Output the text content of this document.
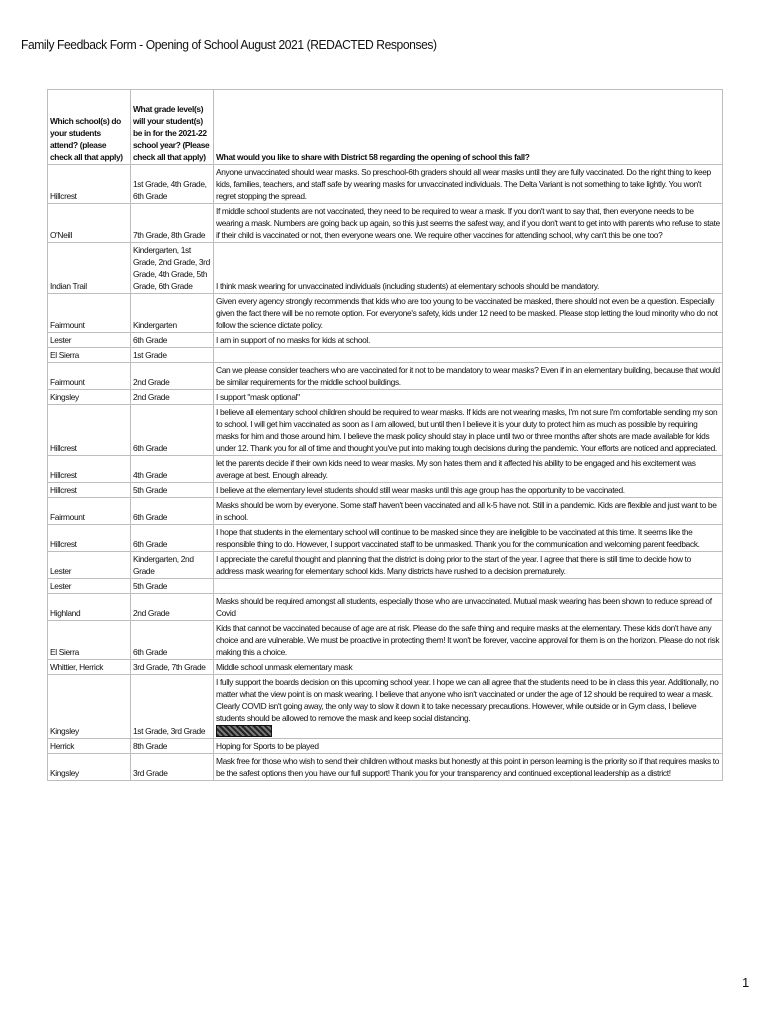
Family Feedback Form - Opening of School August 2021 (REDACTED Responses)
Which school(s) do your students attend? (please check all that apply)	What grade level(s) will your student(s) be in for the 2021-22 school year? (Please check all that apply)	What would you like to share with District 58 regarding the opening of school this fall?
Hillcrest	1st Grade, 4th Grade, 6th Grade	Anyone unvaccinated should wear masks. So preschool-6th graders should all wear masks until they are fully vaccinated. Do the right thing to keep kids, families, teachers, and staff safe by wearing masks for unvaccinated individuals. The Delta Variant is not something to take lightly. You won't regret stopping the spread.
O'Neill	7th Grade, 8th Grade	If middle school students are not vaccinated, they need to be required to wear a mask. If you don't want to say that, then everyone needs to be wearing a mask. Numbers are going back up again, so this just seems the safest way, and if you don't want to get into with parents who refuse to state if their child is vaccinated or not, then everyone wears one. We require other vaccines for attending school, why can't this be one too?
Indian Trail	Kindergarten, 1st Grade, 2nd Grade, 3rd Grade, 4th Grade, 5th Grade, 6th Grade	I think mask wearing for unvaccinated individuals (including students) at elementary schools should be mandatory.
Fairmount	Kindergarten	Given every agency strongly recommends that kids who are too young to be vaccinated be masked, there should not even be a question. Especially given the fact there will be no remote option. For everyone's safety, kids under 12 need to be masked. Please stop letting the loud minority who do not follow the science dictate policy.
Lester	6th Grade	I am in support of no masks for kids at school.
El Sierra	1st Grade	
Fairmount	2nd Grade	Can we please consider teachers who are vaccinated for it not to be mandatory to wear masks? Even if in an elementary building, because that would be similar requirements for the middle school buildings.
Kingsley	2nd Grade	I support "mask optional"
Hillcrest	6th Grade	I believe all elementary school children should be required to wear masks. If kids are not wearing masks, I'm not sure I'm comfortable sending my son to school. I will get him vaccinated as soon as I am allowed, but until then I believe it is your duty to protect him as much as possible by requiring masks for him and those around him. I believe the mask policy should stay in place until two or three months after shots are made available for kids under 12. Thank you for all of time and thought you've put into making tough decisions during the pandemic. Your efforts are noticed and appreciated.
Hillcrest	4th Grade	let the parents decide if their own kids need to wear masks. My son hates them and it affected his ability to be engaged and his excitement was average at best. Enough already.
Hillcrest	5th Grade	I believe at the elementary level students should still wear masks until this age group has the opportunity to be vaccinated.
Fairmount	6th Grade	Masks should be worn by everyone. Some staff haven't been vaccinated and all k-5 have not. Still in a pandemic. Kids are flexible and just want to be in school.
Hillcrest	6th Grade	I hope that students in the elementary school will continue to be masked since they are ineligible to be vaccinated at this time. It seems like the responsible thing to do. However, I support vaccinated staff to be unmasked. Thank you for the communication and welcoming parent feedback.
Lester	Kindergarten, 2nd Grade	I appreciate the careful thought and planning that the district is doing prior to the start of the year. I agree that there is still time to decide how to address mask wearing for elementary school kids. Many districts have rushed to a decision prematurely.
Lester	5th Grade	
Highland	2nd Grade	Masks should be required amongst all students, especially those who are unvaccinated. Mutual mask wearing has been shown to reduce spread of Covid
El Sierra	6th Grade	Kids that cannot be vaccinated because of age are at risk. Please do the safe thing and require masks at the elementary. These kids don't have any choice and are vulnerable. We must be proactive in protecting them! It won't be forever, vaccine approval for them is on the horizon. Please do not risk making this a choice.
Whittier, Herrick	3rd Grade, 7th Grade	Middle school unmask elementary mask
Kingsley	1st Grade, 3rd Grade	I fully support the boards decision on this upcoming school year. I hope we can all agree that the students need to be in class this year. Additionally, no matter what the view point is on mask wearing. I believe that anyone who isn't vaccinated or under the age of 12 should be required to wear a mask. Clearly COVID isn't going away, the only way to slow it down it to take necessary precautions. However, while outside or in Gym class, I believe students should be allowed to remove the mask and keep social distancing.

Herrick	8th Grade	Hoping for Sports to be played
Kingsley	3rd Grade	Mask free for those who wish to send their children without masks but honestly at this point in person learning is the priority so if that requires masks to be the safest options then you have our full support! Thank you for your transparency and continued exceptional leadership as a district!
1
